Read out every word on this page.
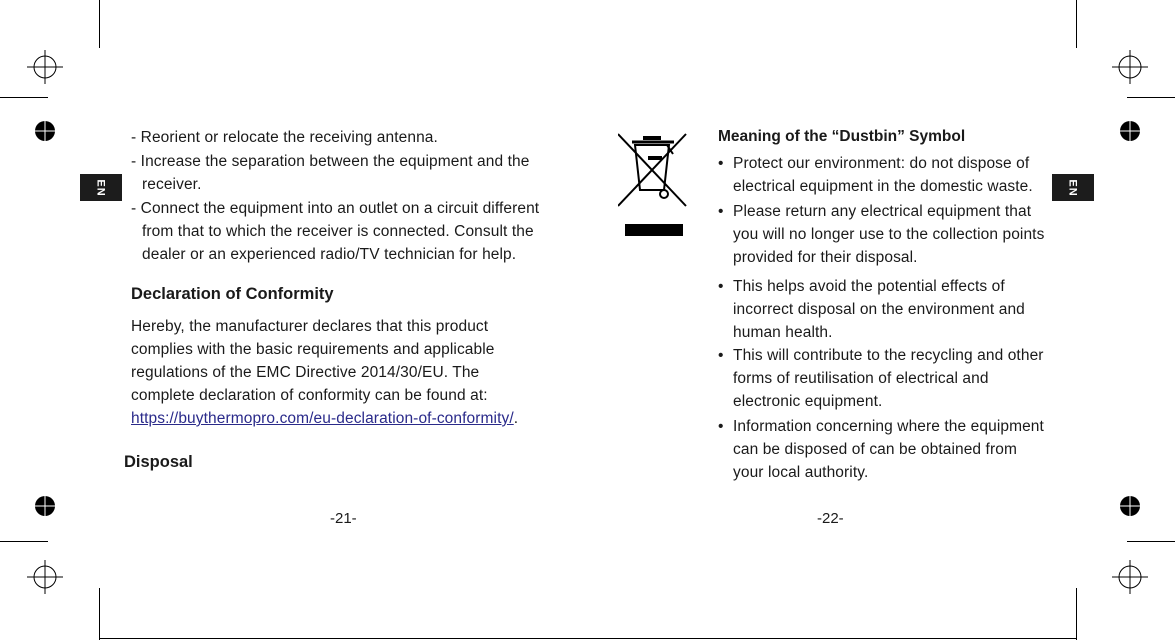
EN	EN
- Reorient or relocate the receiving antenna.
- Increase the separation between the equipment and the receiver.
- Connect the equipment into an outlet on a circuit different from that to which the receiver is connected. Consult the dealer or an experienced radio/TV technician for help.
Declaration of Conformity
Hereby, the manufacturer declares that this product complies with the basic requirements and applicable regulations of the EMC Directive 2014/30/EU. The complete declaration of conformity can be found at:
https://buythermopro.com/eu-declaration-of-conformity/.
Disposal
-21-
Meaning of the “Dustbin” Symbol
• Protect our environment: do not dispose of electrical equipment in the domestic waste.
• Please return any electrical equipment that you will no longer use to the collection points provided for their disposal.
• This helps avoid the potential effects of incorrect disposal on the environment and human health.
• This will contribute to the recycling and other forms of reutilisation of electrical and electronic equipment.
• Information concerning where the equipment can be disposed of can be obtained from your local authority.
-22-
